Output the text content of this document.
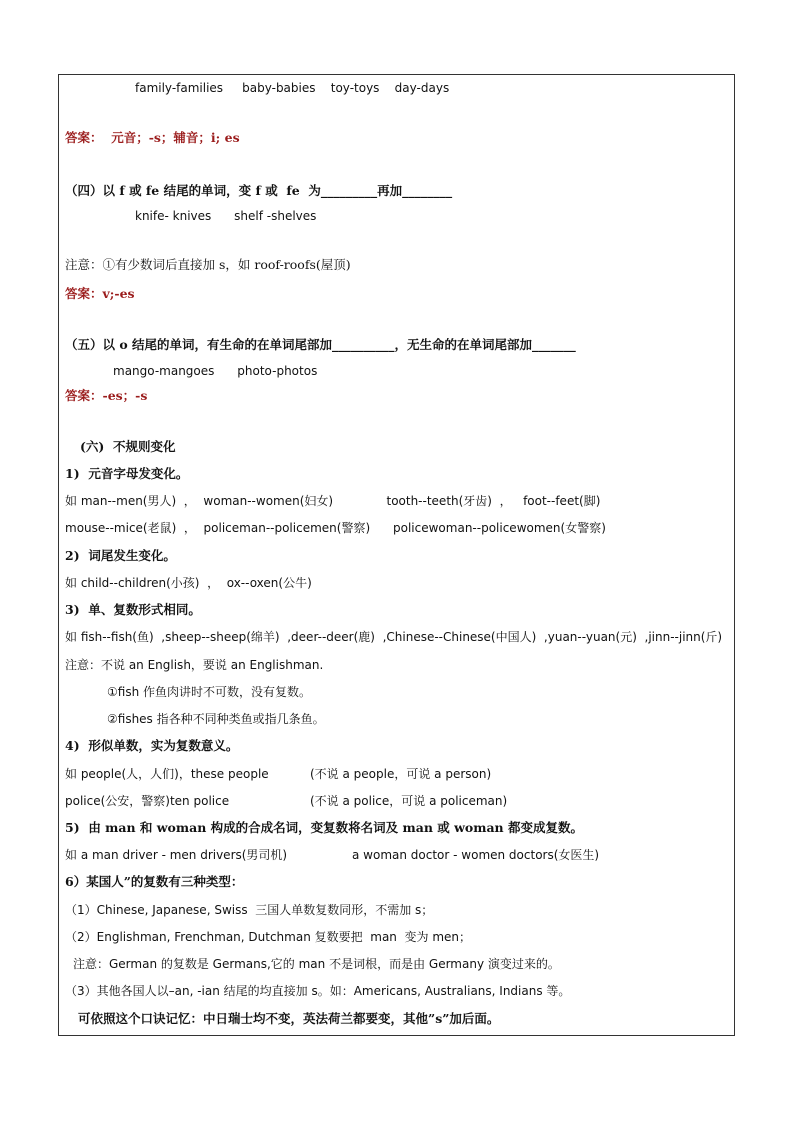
family-families     baby-babies    toy-toys    day-days
答案：  元音；-s；辅音；i; es
（四）以 f 或 fe 结尾的单词，变 f 或  fe  为_________再加________
knife- knives      shelf -shelves
注意：①有少数词后直接加 s，如 roof-roofs(屋顶)
答案：v;-es
（五）以 o 结尾的单词，有生命的在单词尾部加__________，无生命的在单词尾部加_______
mango-mangoes      photo-photos
答案：-es；-s
(六)  不规则变化
1)  元音字母发变化。
如 man--men(男人)  ，  woman--women(妇女)              tooth--teeth(牙齿)  ，   foot--feet(脚)
mouse--mice(老鼠)  ，  policeman--policemen(警察)      policewoman--policewomen(女警察)
2)  词尾发生变化。
如 child--children(小孩)  ，  ox--oxen(公牛)
3)  单、复数形式相同。
如 fish--fish(鱼)  ,sheep--sheep(绵羊)  ,deer--deer(鹿)  ,Chinese--Chinese(中国人)  ,yuan--yuan(元)  ,jinn--jinn(斤)
注意：不说 an English，要说 an Englishman.
①fish 作鱼肉讲时不可数，没有复数。
②fishes 指各种不同种类鱼或指几条鱼。
4)  形似单数，实为复数意义。
如 people(人，人们)，these people	(不说 a people，可说 a person)
police(公安，警察)ten police	(不说 a police，可说 a policeman)
5)  由 man 和 woman 构成的合成名词，变复数将名词及 man 或 woman 都变成复数。
如 a man driver - men drivers(男司机)	a woman doctor - women doctors(女医生)
6）某国人”的复数有三种类型：
（1）Chinese, Japanese, Swiss  三国人单数复数同形，不需加 s；
（2）Englishman, Frenchman, Dutchman 复数要把  man  变为 men；
注意：German 的复数是 Germans,它的 man 不是词根，而是由 Germany 演变过来的。
（3）其他各国人以–an, -ian 结尾的均直接加 s。如：Americans, Australians, Indians 等。
可依照这个口诀记忆：中日瑞士均不变，英法荷兰都要变，其他”s”加后面。
